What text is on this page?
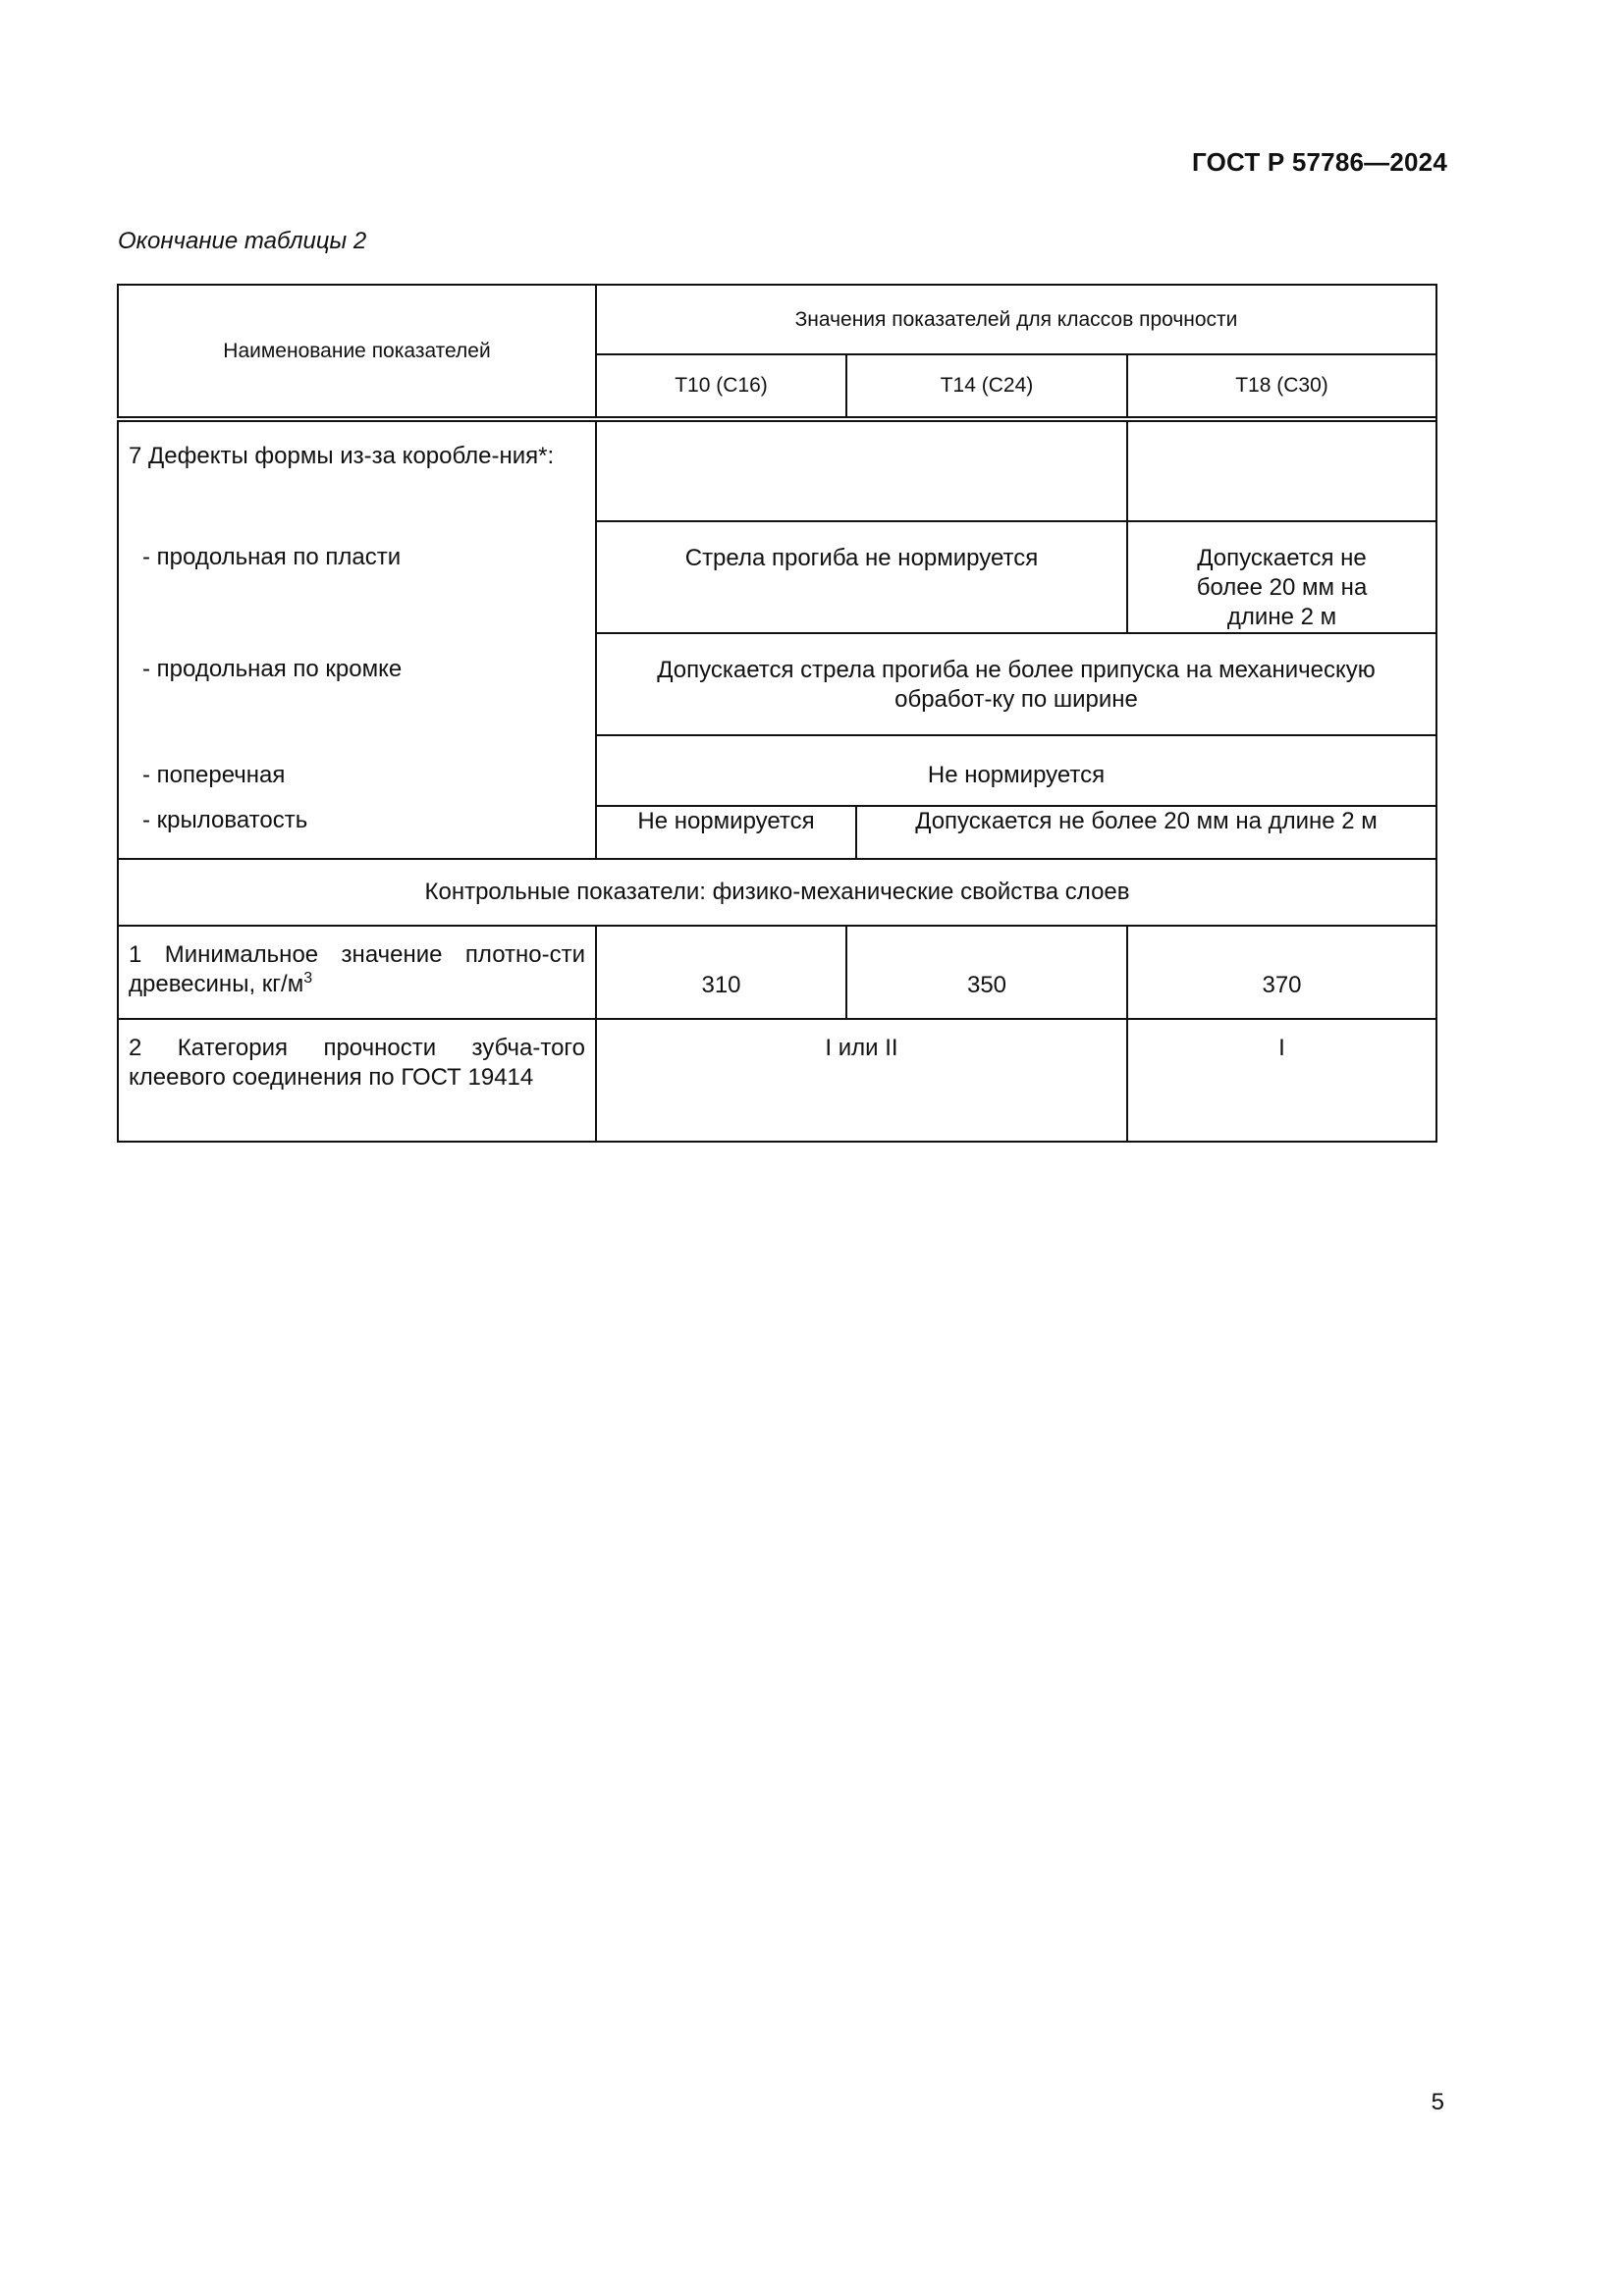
ГОСТ Р 57786—2024
Окончание таблицы 2
Наименование показателей	Значения показателей для классов прочности			
	Т10 (С16)	Т14 (С24)		Т18 (С30)
7 Дефекты формы из-за коробле-ния*:				
- продольная по пласти	Стрела прогиба не нормируется			Допускается не более 20 мм на длине 2 м
- продольная по кромке	Допускается стрела прогиба не более припуска на механическую обработ-ку по ширине			
- поперечная	Не нормируется			
- крыловатость	Не нормируется		Допускается не более 20 мм на длине 2 м	
Контрольные показатели: физико-механические свойства слоев				
1 Минимальное значение плотно-сти древесины, $кг/м^3$	310	350		370
2 Категория прочности зубча-того клеевого соединения по ГОСТ 19414	I или II			I
5
